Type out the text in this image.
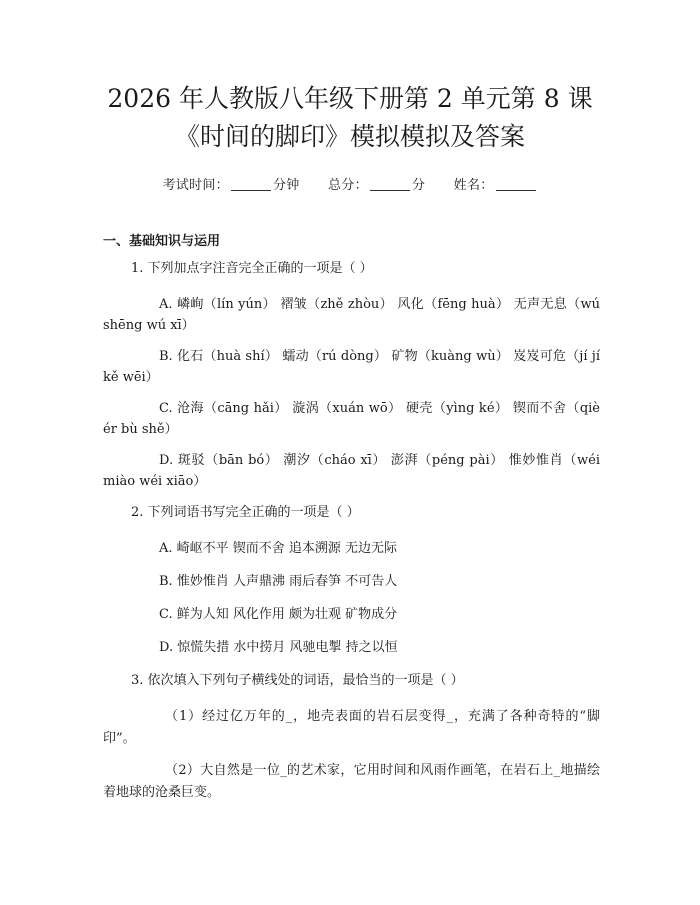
2026 年人教版八年级下册第 2 单元第 8 课
《时间的脚印》模拟模拟及答案
考试时间：	分钟 总分：	分 姓名：
一、基础知识与运用
1. 下列加点字注音完全正确的一项是（ ）
A. 嶙峋（lín yún） 褶皱（zhě zhòu） 风化（fēng huà） 无声无息（wú shēng wú xī）
B. 化石（huà shí） 蠕动（rú dòng） 矿物（kuàng wù） 岌岌可危（jí jí kě wēi）
C. 沧海（cāng hǎi） 漩涡（xuán wō） 硬壳（yìng ké） 锲而不舍（qiè ér bù shě）
D. 斑驳（bān bó） 潮汐（cháo xī） 澎湃（péng pài） 惟妙惟肖（wéi miào wéi xiāo）
2. 下列词语书写完全正确的一项是（ ）
A. 崎岖不平 锲而不舍 追本溯源 无边无际
B. 惟妙惟肖 人声鼎沸 雨后春笋 不可告人
C. 鲜为人知 风化作用 颇为壮观 矿物成分
D. 惊慌失措 水中捞月 风驰电掣 持之以恒
3. 依次填入下列句子横线处的词语，最恰当的一项是（ ）
（1）经过亿万年的_，地壳表面的岩石层变得_，充满了各种奇特的“脚印”。
（2）大自然是一位_的艺术家，它用时间和风雨作画笔，在岩石上_地描绘着地球的沧桑巨变。
